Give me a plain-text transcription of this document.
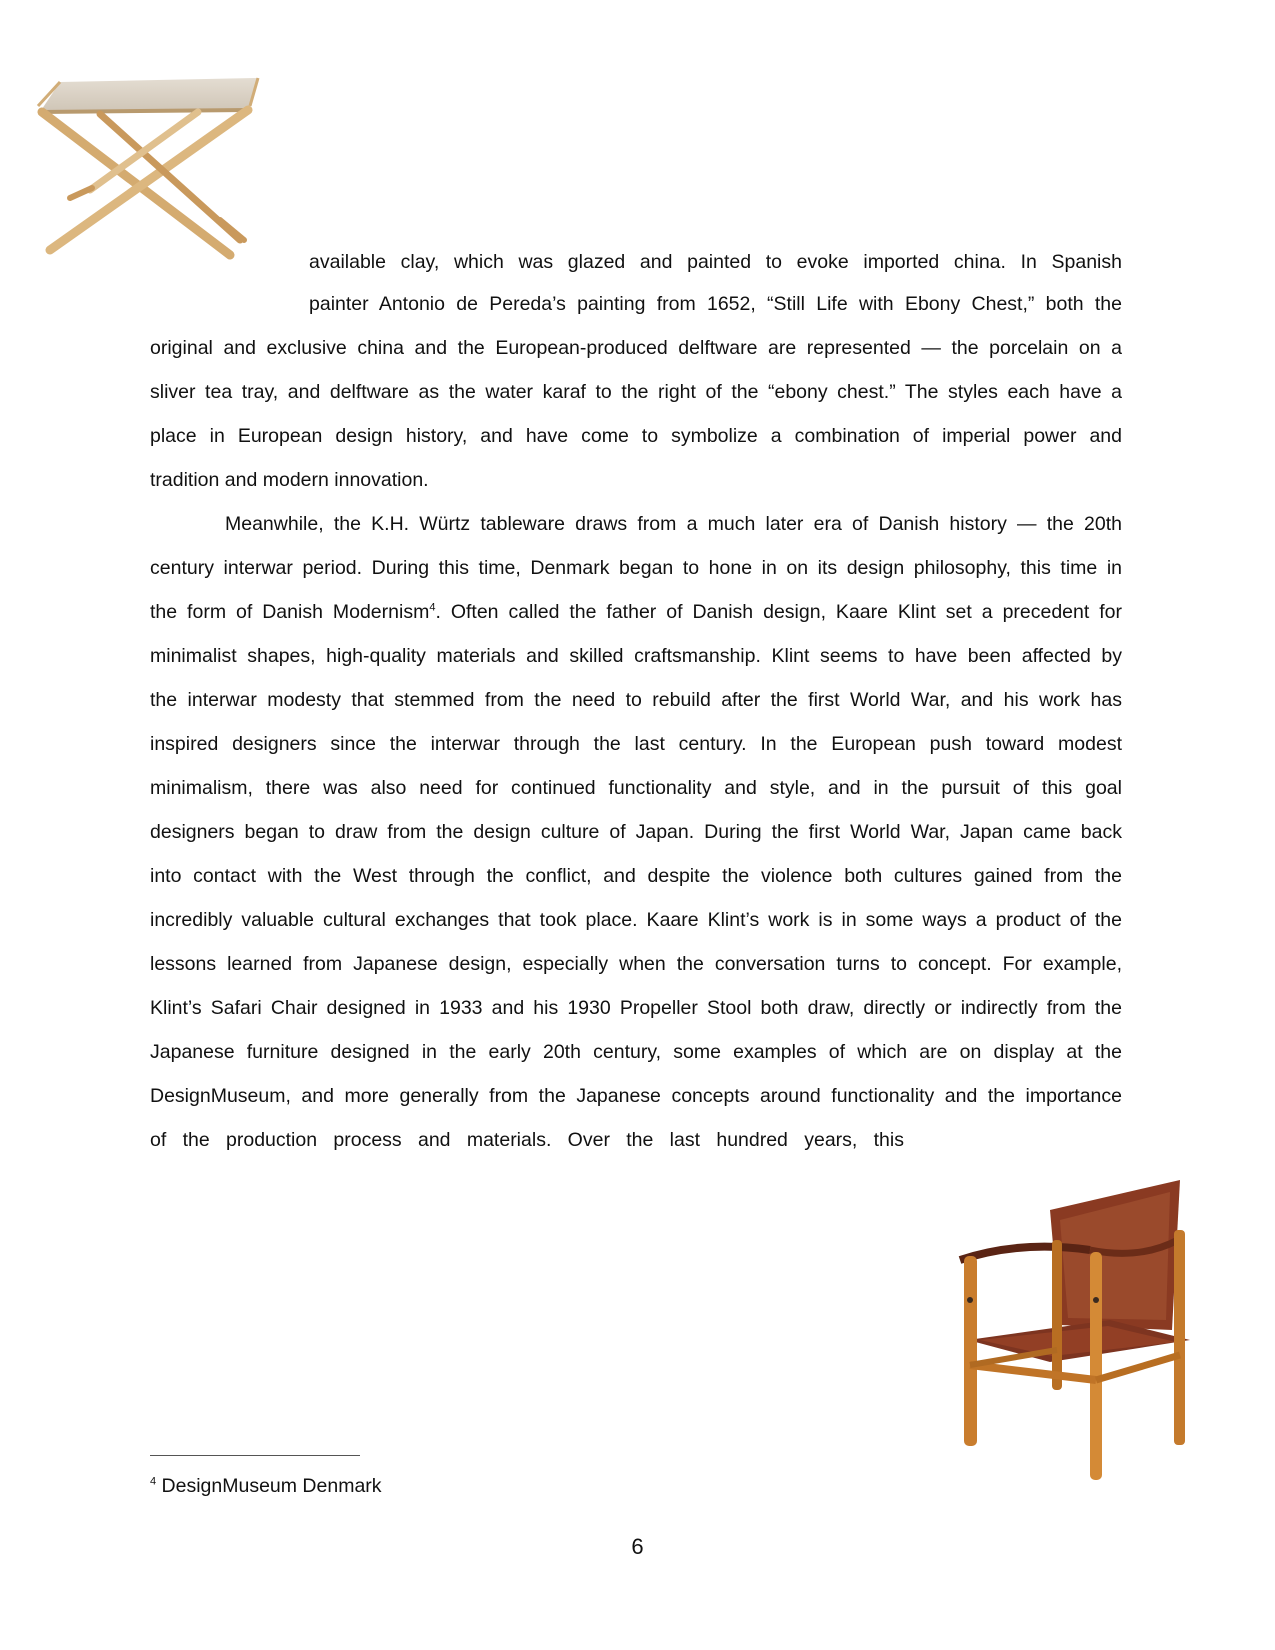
available clay, which was glazed and painted to evoke imported china. In Spanish
painter Antonio de Pereda’s painting from 1652, “Still Life with Ebony Chest,” both the
original and exclusive china and the European-produced delftware are represented — the porcelain on a
sliver tea tray, and delftware as the water karaf to the right of the “ebony chest.” The styles each have a
place in European design history, and have come to symbolize a combination of imperial power and
tradition and modern innovation.
Meanwhile, the K.H. Würtz tableware draws from a much later era of Danish history — the 20th
century interwar period. During this time, Denmark began to hone in on its design philosophy, this time in
the form of Danish Modernism$^4$. Often called the father of Danish design, Kaare Klint set a precedent for
minimalist shapes, high-quality materials and skilled craftsmanship. Klint seems to have been affected by
the interwar modesty that stemmed from the need to rebuild after the first World War, and his work has
inspired designers since the interwar through the last century. In the European push toward modest
minimalism, there was also need for continued functionality and style, and in the pursuit of this goal
designers began to draw from the design culture of Japan. During the first World War, Japan came back
into contact with the West through the conflict, and despite the violence both cultures gained from the
incredibly valuable cultural exchanges that took place. Kaare Klint’s work is in some ways a product of the
lessons learned from Japanese design, especially when the conversation turns to concept. For example,
Klint’s Safari Chair designed in 1933 and his 1930 Propeller Stool both draw, directly or indirectly from the
Japanese furniture designed in the early 20th century, some examples of which are on display at the
DesignMuseum, and more generally from the Japanese concepts around functionality and the importance
of the production process and materials. Over the last hundred years, this
$^4$ DesignMuseum Denmark
6
